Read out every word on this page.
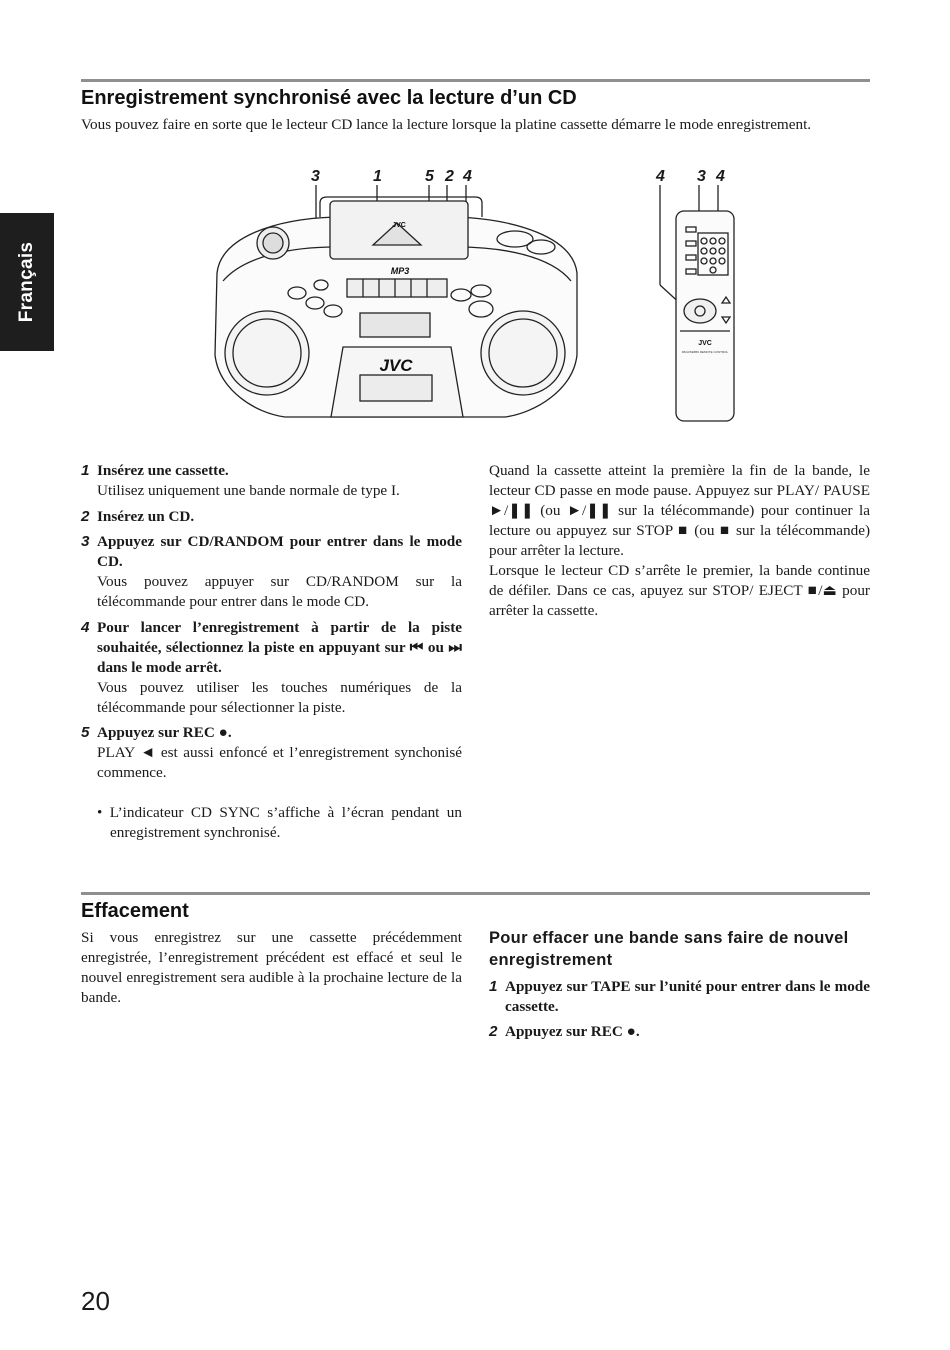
Français
Enregistrement synchronisé avec la lecture d’un CD

Vous pouvez faire en sorte que le lecteur CD lance la lecture lorsque la platine cassette démarre le mode enregistrement.

3	1	5 2 4	4 3 4
JVC
JVC
MP3
JVC
RM-RXEB50 REMOTE CONTROL
1 Insérez une cassette.
Utilisez uniquement une bande normale de type I.
2 Insérez un CD.
3 Appuyez sur CD/RANDOM pour entrer dans le mode CD.
Vous pouvez appuyer sur CD/RANDOM sur la télécommande pour entrer dans le mode CD.
4 Pour lancer l’enregistrement à partir de la piste souhaitée, sélectionnez la piste en appuyant sur ⏮ ou ⏭ dans le mode arrêt.
Vous pouvez utiliser les touches numériques de la télécommande pour sélectionner la piste.
5 Appuyez sur REC ●.
PLAY ◄ est aussi enfoncé et l’enregistrement synchonisé commence.

• L’indicateur CD SYNC s’affiche à l’écran pendant un enregistrement synchronisé.

Quand la cassette atteint la première la fin de la bande, le lecteur CD passe en mode pause. Appuyez sur PLAY/ PAUSE ►/❚❚ (ou ►/❚❚ sur la télécommande) pour continuer la lecture ou appuyez sur STOP ■ (ou ■ sur la télécommande) pour arrêter la lecture.

Lorsque le lecteur CD s’arrête le premier, la bande continue de défiler. Dans ce cas, apuyez sur STOP/ EJECT ■/⏏ pour arrêter la cassette.

Effacement

Si vous enregistrez sur une cassette précédemment enregistrée, l’enregistrement précédent est effacé et seul le nouvel enregistrement sera audible à la prochaine lecture de la bande.

Pour effacer une bande sans faire de nouvel enregistrement
1 Appuyez sur TAPE sur l’unité pour entrer dans le mode cassette.
2 Appuyez sur REC ●.
20
